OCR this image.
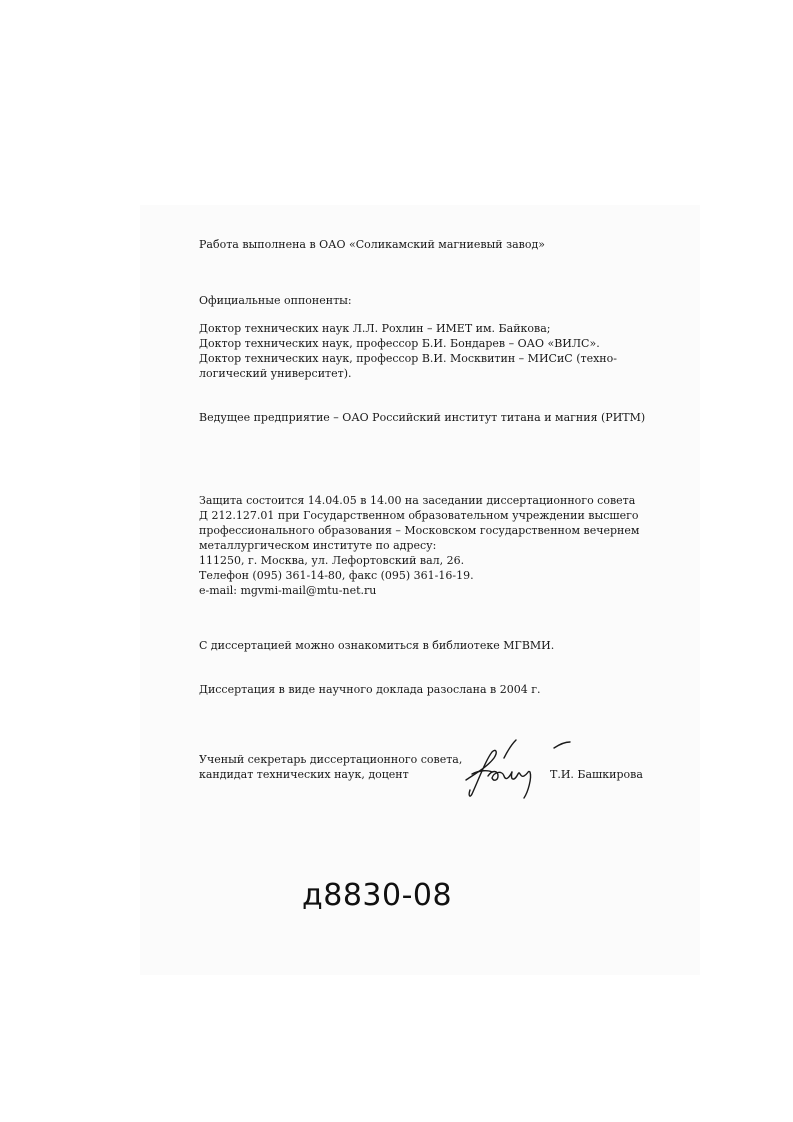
Работа выполнена в ОАО «Соликамский магниевый завод»
Официальные оппоненты:
Доктор технических наук Л.Л. Рохлин – ИМЕТ им. Байкова;
Доктор технических наук, профессор Б.И. Бондарев – ОАО «ВИЛС».
Доктор технических наук, профессор В.И. Москвитин – МИСиС (техно-
логический университет).
Ведущее предприятие – ОАО Российский институт титана и магния (РИТМ)
Защита состоится 14.04.05 в 14.00 на заседании диссертационного совета
Д 212.127.01 при Государственном образовательном учреждении высшего
профессионального образования – Московском государственном вечернем
металлургическом институте по адресу:
111250, г. Москва, ул. Лефортовский вал, 26.
Телефон (095) 361-14-80, факс (095) 361-16-19.
e-mail: mgvmi-mail@mtu-net.ru
С диссертацией можно ознакомиться в библиотеке МГВМИ.
Диссертация в виде научного доклада разослана в 2004 г.
Ученый секретарь диссертационного совета,
кандидат технических наук, доцент	Т.И. Башкирова
д8830-08
